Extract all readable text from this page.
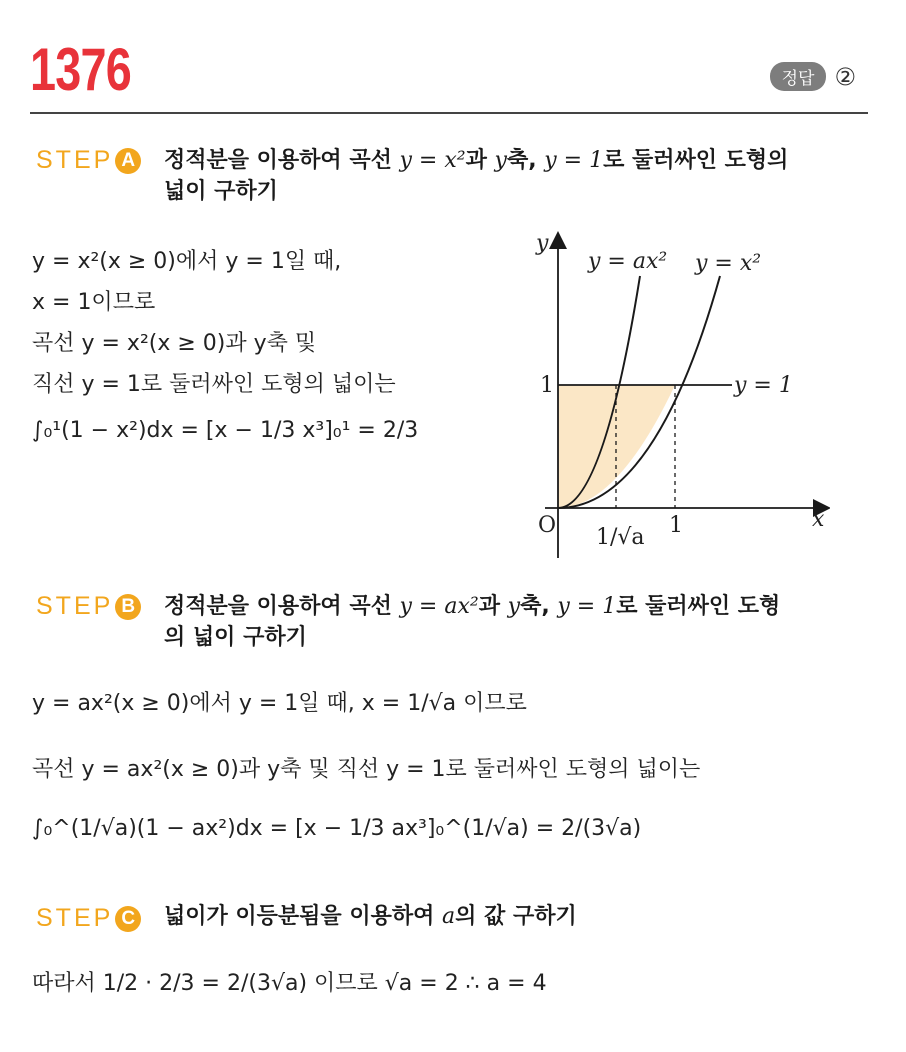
1376	정답 ②
STEP A 정적분을 이용하여 곡선 y = x²과 y축, y = 1로 둘러싸인 도형의
넓이 구하기
y = x²(x ≥ 0)에서 y = 1일 때,
x = 1이므로
곡선 y = x²(x ≥ 0)과 y축 및
직선 y = 1로 둘러싸인 도형의 넓이는
∫₀¹(1 − x²)dx = [x − 1/3 x³]₀¹ = 2/3
y
x
O
y = ax² y = x²
y = 1
1
1/√a 1
STEP B 정적분을 이용하여 곡선 y = ax²과 y축, y = 1로 둘러싸인 도형
의 넓이 구하기
y = ax²(x ≥ 0)에서 y = 1일 때, x = 1/√a 이므로
곡선 y = ax²(x ≥ 0)과 y축 및 직선 y = 1로 둘러싸인 도형의 넓이는
∫₀^(1/√a)(1 − ax²)dx = [x − 1/3 ax³]₀^(1/√a) = 2/(3√a)
STEP C 넓이가 이등분됨을 이용하여 a의 값 구하기
따라서 1/2 · 2/3 = 2/(3√a) 이므로 √a = 2 ∴ a = 4
